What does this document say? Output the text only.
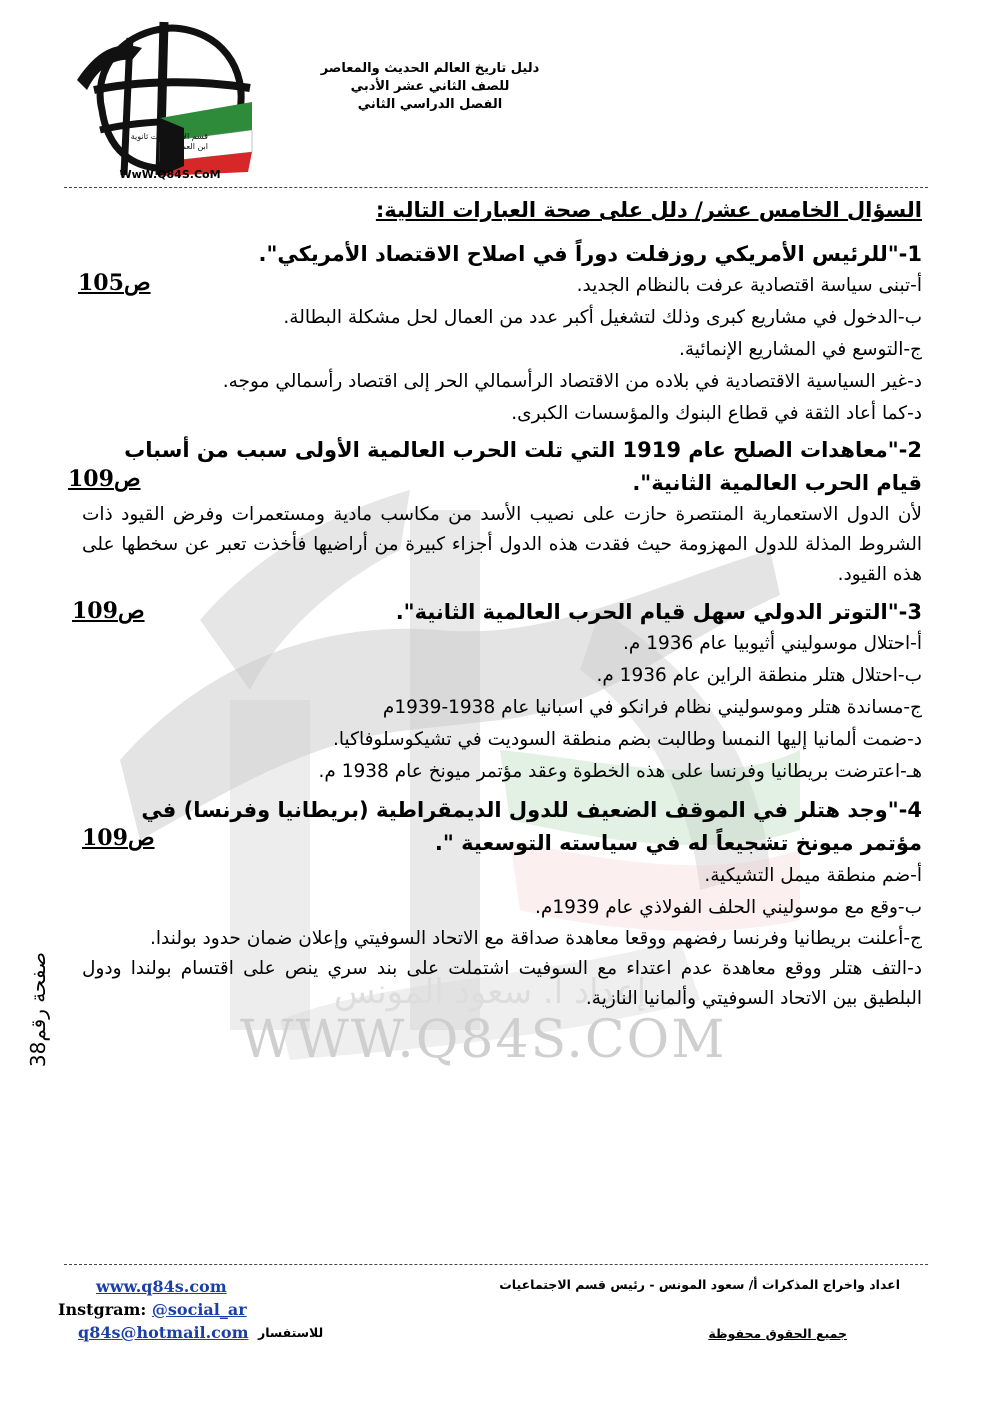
إعداد أ. سعود المونس
WWW.Q84S.COM
قسم الاجتماعيات ثانوية ابن العميد
WwW.Q84S.CoM
دليل تاريخ العالم الحديث والمعاصر
للصف الثاني عشر الأدبي
الفصل الدراسي الثاني
السؤال الخامس عشر/ دلل على صحة العبارات التالية:
1-"للرئيس الأمريكي روزفلت دوراً في اصلاح الاقتصاد الأمريكي".
أ-تبنى سياسة اقتصادية عرفت بالنظام الجديد.
ب-الدخول في مشاريع كبرى وذلك لتشغيل أكبر عدد من العمال لحل مشكلة البطالة.
ج-التوسع في المشاريع الإنمائية.
د-غير السياسية الاقتصادية في بلاده من الاقتصاد الرأسمالي الحر إلى اقتصاد رأسمالي موجه.
د-كما أعاد الثقة في قطاع البنوك والمؤسسات الكبرى.
2-"معاهدات الصلح عام 1919 التي تلت الحرب العالمية الأولى سبب من أسباب قيام الحرب العالمية الثانية".
لأن الدول الاستعمارية المنتصرة حازت على نصيب الأسد من مكاسب مادية ومستعمرات وفرض القيود ذات الشروط المذلة للدول المهزومة حيث فقدت هذه الدول أجزاء كبيرة من أراضيها فأخذت تعبر عن سخطها على هذه القيود.
3-"التوتر الدولي سهل قيام الحرب العالمية الثانية".
أ-احتلال موسوليني أثيوبيا عام 1936 م.
ب-احتلال هتلر منطقة الراين عام 1936 م.
ج-مساندة هتلر وموسوليني نظام فرانكو في اسبانيا عام 1938-1939م
د-ضمت ألمانيا إليها النمسا وطالبت بضم منطقة السوديت في تشيكوسلوفاكيا.
هـ-اعترضت بريطانيا وفرنسا على هذه الخطوة وعقد مؤتمر ميونخ عام 1938 م.
4-"وجد هتلر في الموقف الضعيف للدول الديمقراطية (بريطانيا وفرنسا) في مؤتمر ميونخ تشجيعاً له في سياسته التوسعية ".
أ-ضم منطقة ميمل التشيكية.
ب-وقع مع موسوليني الحلف الفولاذي عام 1939م.
ج-أعلنت بريطانيا وفرنسا رفضهم ووقعا معاهدة صداقة مع الاتحاد السوفيتي وإعلان ضمان حدود بولندا.
د-التف هتلر ووقع معاهدة عدم اعتداء مع السوفيت اشتملت على بند سري ينص على اقتسام بولندا ودول البلطيق بين الاتحاد السوفيتي وألمانيا النازية.
ص105
ص109
ص109
ص109
صفحة رقم38
اعداد واخراج المذكرات أ/ سعود المونس - رئيس قسم الاجتماعيات
جميع الحقوق محفوظة
www.q84s.com
Instgram: @social_ar
q84s@hotmail.com للاستفسار
